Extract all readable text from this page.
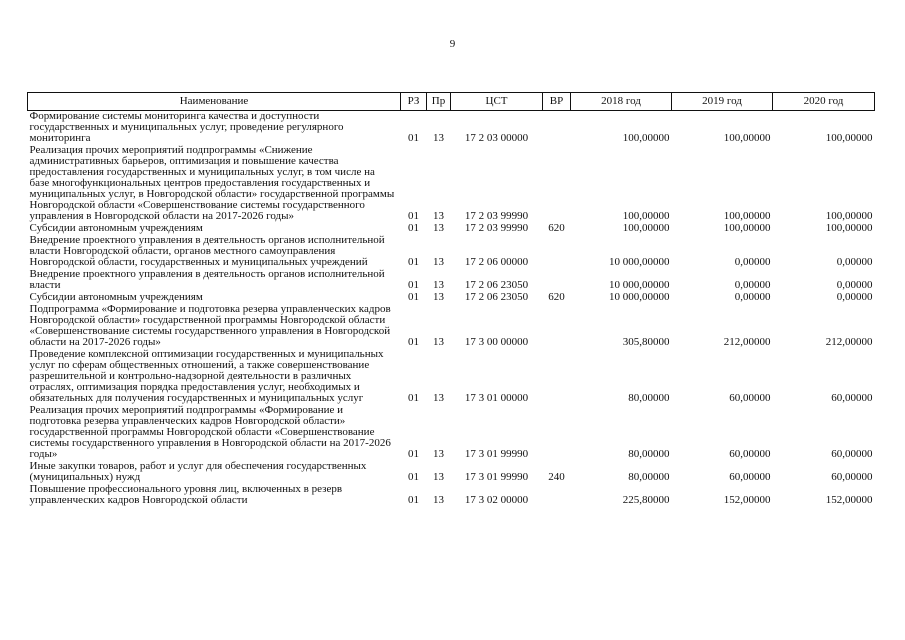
9
Наименование	РЗ	Пр	ЦСТ	ВР	2018 год	2019 год	2020 год
Формирование системы мониторинга качества и доступности государственных и муниципальных услуг, проведение регулярного мониторинга	01	13	17 2 03 00000		100,00000	100,00000	100,00000
Реализация прочих мероприятий подпрограммы «Снижение административных барьеров, оптимизация и повышение качества предоставления государственных и муниципальных услуг, в том числе на базе многофункциональных центров предоставления государственных и муниципальных услуг, в Новгородской области» государственной программы Новгородской области «Совершенствование системы государственного управления в Новгородской области на 2017-2026 годы»	01	13	17 2 03 99990		100,00000	100,00000	100,00000
Субсидии автономным учреждениям	01	13	17 2 03 99990	620	100,00000	100,00000	100,00000
Внедрение проектного управления в деятельность органов исполнительной власти Новгородской области, органов местного самоуправления Новгородской области, государственных и муниципальных учреждений	01	13	17 2 06 00000		10 000,00000	0,00000	0,00000
Внедрение проектного управления в деятельность органов исполнительной власти	01	13	17 2 06 23050		10 000,00000	0,00000	0,00000
Субсидии автономным учреждениям	01	13	17 2 06 23050	620	10 000,00000	0,00000	0,00000
Подпрограмма «Формирование и подготовка резерва управленческих кадров Новгородской области» государственной программы Новгородской области «Совершенствование системы государственного управления в Новгородской области на 2017-2026 годы»	01	13	17 3 00 00000		305,80000	212,00000	212,00000
Проведение комплексной оптимизации государственных и муниципальных услуг по сферам общественных отношений, а также совершенствование разрешительной и контрольно-надзорной деятельности в различных отраслях, оптимизация порядка предоставления услуг, необходимых и обязательных для получения государственных и муниципальных услуг	01	13	17 3 01 00000		80,00000	60,00000	60,00000
Реализация прочих мероприятий подпрограммы «Формирование и подготовка резерва управленческих кадров Новгородской области» государственной программы Новгородской области «Совершенствование системы государственного управления в Новгородской области на 2017-2026 годы»	01	13	17 3 01 99990		80,00000	60,00000	60,00000
Иные закупки товаров, работ и услуг для обеспечения государственных (муниципальных) нужд	01	13	17 3 01 99990	240	80,00000	60,00000	60,00000
Повышение профессионального уровня лиц, включенных в резерв управленческих кадров Новгородской области	01	13	17 3 02 00000		225,80000	152,00000	152,00000
